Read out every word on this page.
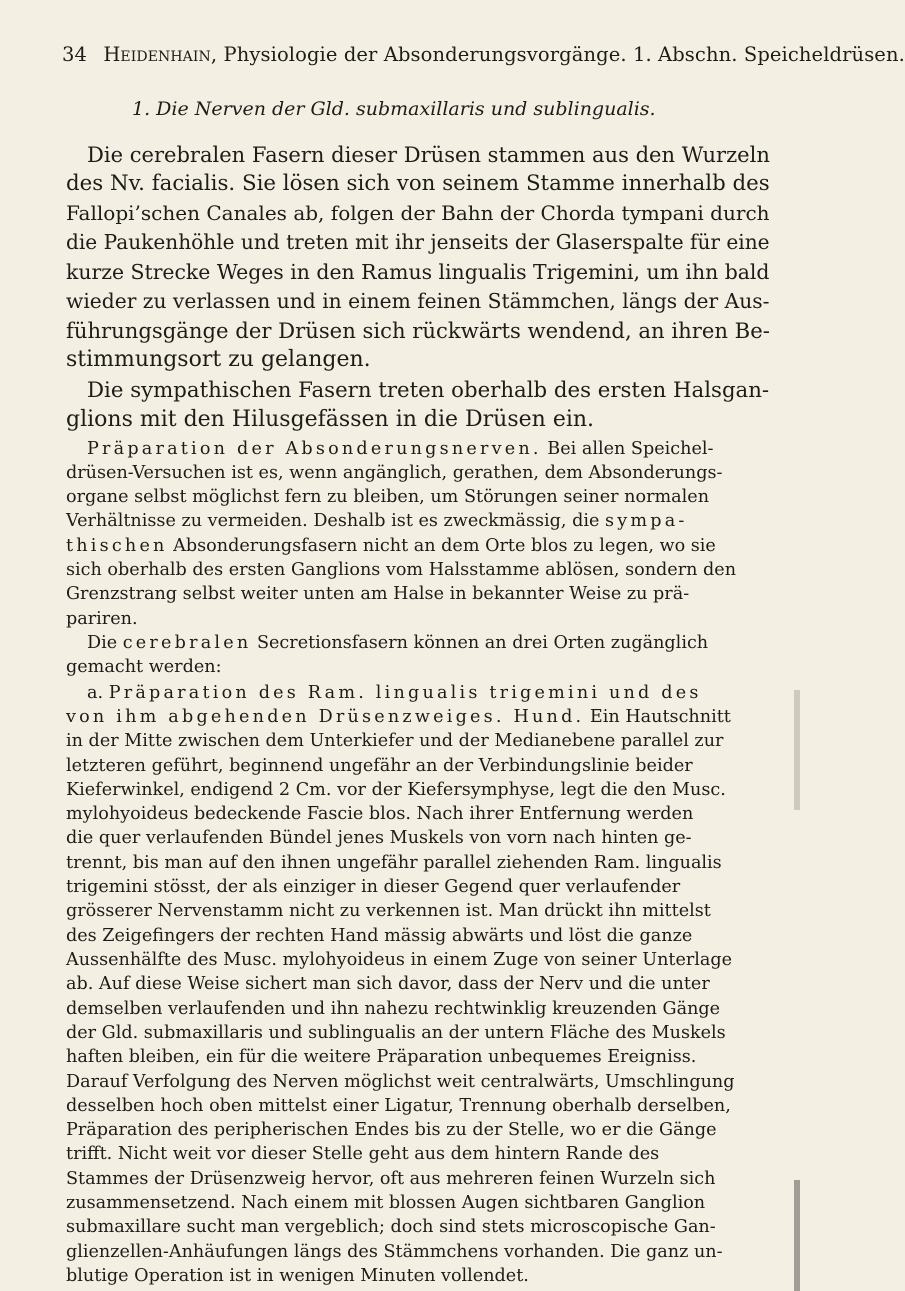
34 Heidenhain, Physiologie der Absonderungsvorgänge. 1. Abschn. Speicheldrüsen.
1. Die Nerven der Gld. submaxillaris und sublingualis.
Die cerebralen Fasern dieser Drüsen stammen aus den Wurzeln
des Nv. facialis. Sie lösen sich von seinem Stamme innerhalb des
Fallopi’schen Canales ab, folgen der Bahn der Chorda tympani durch
die Paukenhöhle und treten mit ihr jenseits der Glaserspalte für eine
kurze Strecke Weges in den Ramus lingualis Trigemini, um ihn bald
wieder zu verlassen und in einem feinen Stämmchen, längs der Aus-
führungsgänge der Drüsen sich rückwärts wendend, an ihren Be-
stimmungsort zu gelangen.
Die sympathischen Fasern treten oberhalb des ersten Halsgan-
glions mit den Hilusgefässen in die Drüsen ein.
Präparation der Absonderungsnerven. Bei allen Speichel-
drüsen-Versuchen ist es, wenn angänglich, gerathen, dem Absonderungs-
organe selbst möglichst fern zu bleiben, um Störungen seiner normalen
Verhältnisse zu vermeiden. Deshalb ist es zweckmässig, die sympa-
thischen Absonderungsfasern nicht an dem Orte blos zu legen, wo sie
sich oberhalb des ersten Ganglions vom Halsstamme ablösen, sondern den
Grenzstrang selbst weiter unten am Halse in bekannter Weise zu prä-
pariren.
Die cerebralen Secretionsfasern können an drei Orten zugänglich
gemacht werden:
a. Präparation des Ram. lingualis trigemini und des
von ihm abgehenden Drüsenzweiges. Hund. Ein Hautschnitt
in der Mitte zwischen dem Unterkiefer und der Medianebene parallel zur
letzteren geführt, beginnend ungefähr an der Verbindungslinie beider
Kieferwinkel, endigend 2 Cm. vor der Kiefersymphyse, legt die den Musc.
mylohyoideus bedeckende Fascie blos. Nach ihrer Entfernung werden
die quer verlaufenden Bündel jenes Muskels von vorn nach hinten ge-
trennt, bis man auf den ihnen ungefähr parallel ziehenden Ram. lingualis
trigemini stösst, der als einziger in dieser Gegend quer verlaufender
grösserer Nervenstamm nicht zu verkennen ist. Man drückt ihn mittelst
des Zeigefingers der rechten Hand mässig abwärts und löst die ganze
Aussenhälfte des Musc. mylohyoideus in einem Zuge von seiner Unterlage
ab. Auf diese Weise sichert man sich davor, dass der Nerv und die unter
demselben verlaufenden und ihn nahezu rechtwinklig kreuzenden Gänge
der Gld. submaxillaris und sublingualis an der untern Fläche des Muskels
haften bleiben, ein für die weitere Präparation unbequemes Ereigniss.
Darauf Verfolgung des Nerven möglichst weit centralwärts, Umschlingung
desselben hoch oben mittelst einer Ligatur, Trennung oberhalb derselben,
Präparation des peripherischen Endes bis zu der Stelle, wo er die Gänge
trifft. Nicht weit vor dieser Stelle geht aus dem hintern Rande des
Stammes der Drüsenzweig hervor, oft aus mehreren feinen Wurzeln sich
zusammensetzend. Nach einem mit blossen Augen sichtbaren Ganglion
submaxillare sucht man vergeblich; doch sind stets microscopische Gan-
glienzellen-Anhäufungen längs des Stämmchens vorhanden. Die ganz un-
blutige Operation ist in wenigen Minuten vollendet.
